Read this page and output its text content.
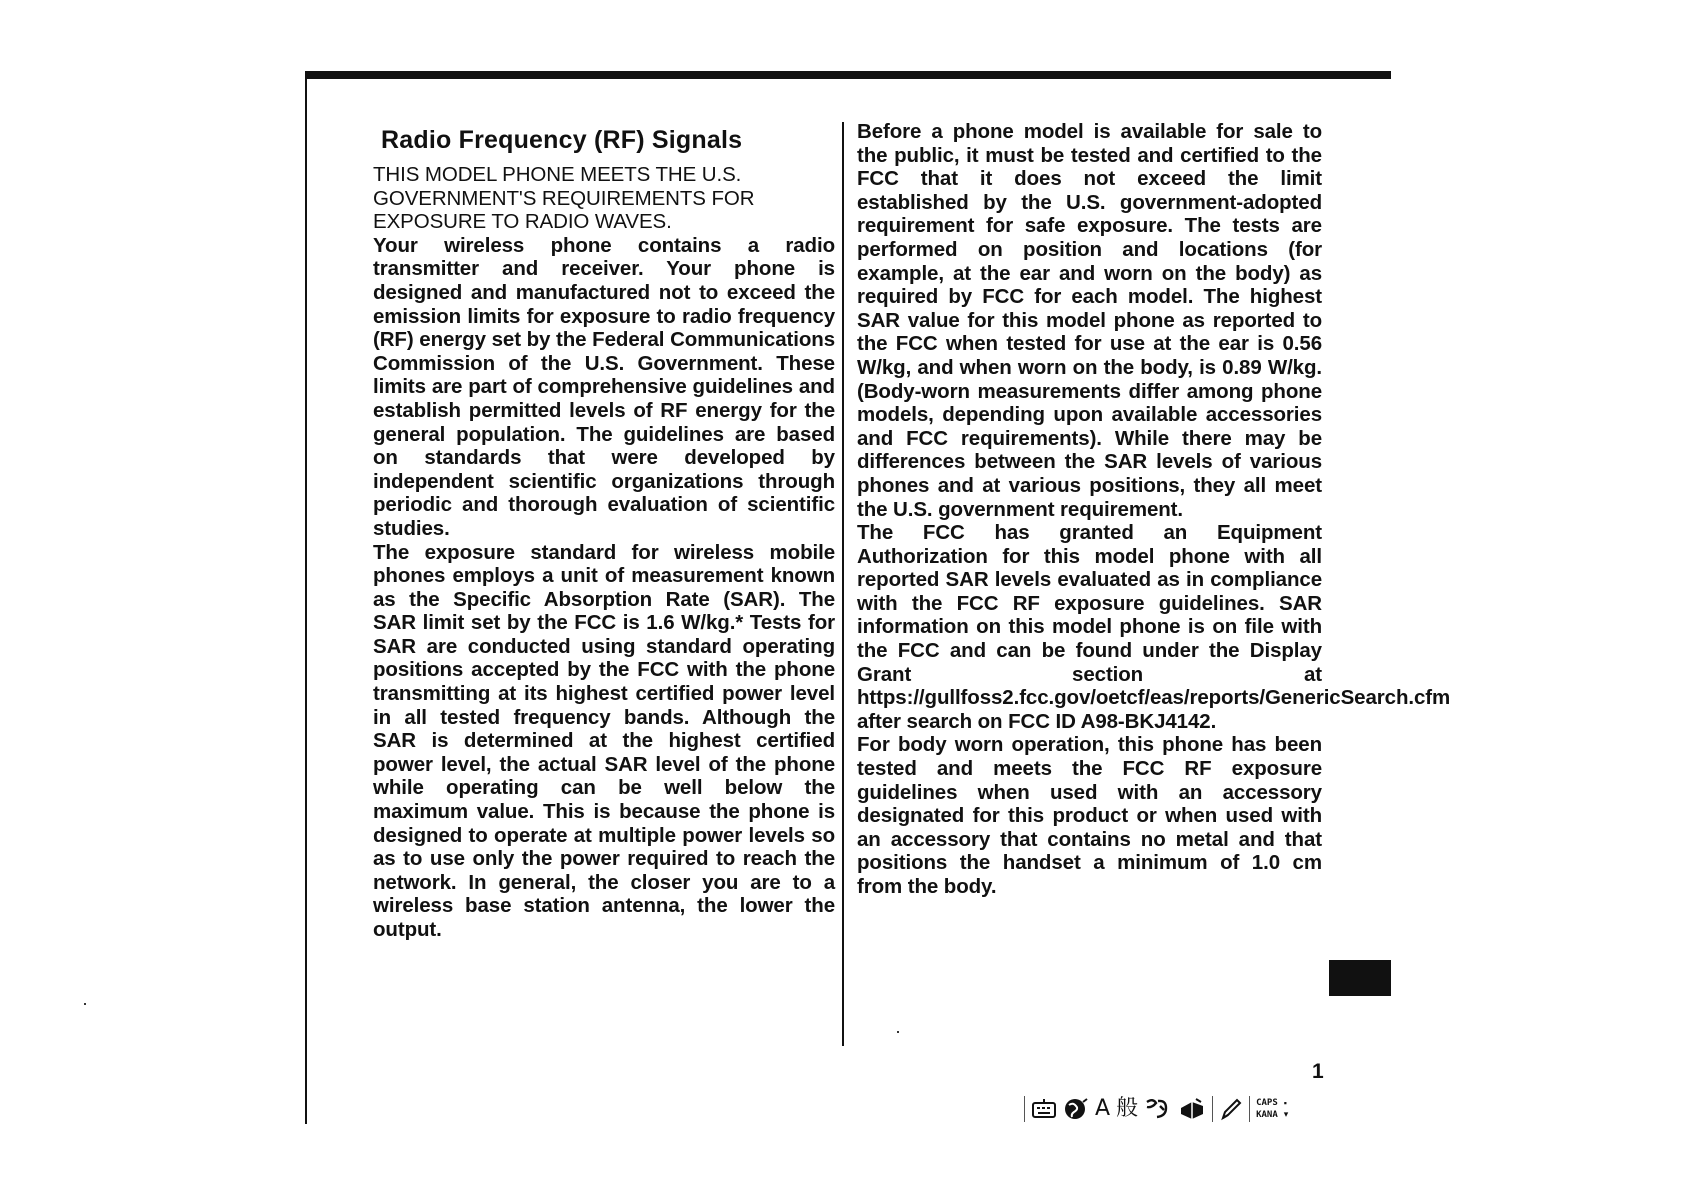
Radio Frequency (RF) Signals
THIS MODEL PHONE MEETS THE U.S.
GOVERNMENT'S REQUIREMENTS FOR
EXPOSURE TO RADIO WAVES.

Your wireless phone contains a radio transmitter and receiver. Your phone is designed and manufactured not to exceed the emission limits for exposure to radio frequency (RF) energy set by the Federal Communications Commission of the U.S. Government. These limits are part of comprehensive guidelines and establish permitted levels of RF energy for the general population. The guidelines are based on standards that were developed by independent scientific organizations through periodic and thorough evaluation of scientific studies.

The exposure standard for wireless mobile phones employs a unit of measurement known as the Specific Absorption Rate (SAR). The SAR limit set by the FCC is 1.6 W/kg.* Tests for SAR are conducted using standard operating positions accepted by the FCC with the phone transmitting at its highest certified power level in all tested frequency bands. Although the SAR is determined at the highest certified power level, the actual SAR level of the phone while operating can be well below the maximum value. This is because the phone is designed to operate at multiple power levels so as to use only the power required to reach the network. In general, the closer you are to a wireless base station antenna, the lower the output.

Before a phone model is available for sale to the public, it must be tested and certified to the FCC that it does not exceed the limit established by the U.S. government-adopted requirement for safe exposure. The tests are performed on position and locations (for example, at the ear and worn on the body) as required by FCC for each model. The highest SAR value for this model phone as reported to the FCC when tested for use at the ear is 0.56 W/kg, and when worn on the body, is 0.89 W/kg. (Body-worn measurements differ among phone models, depending upon available accessories and FCC requirements). While there may be differences between the SAR levels of various phones and at various positions, they all meet the U.S. government requirement.

The FCC has granted an Equipment Authorization for this model phone with all reported SAR levels evaluated as in compliance with the FCC RF exposure guidelines. SAR information on this model phone is on file with the FCC and can be found under the Display Grant section at https://gullfoss2.fcc.gov/oetcf/eas/reports/GenericSearch.cfm after search on FCC ID A98-BKJ4142.

For body worn operation, this phone has been tested and meets the FCC RF exposure guidelines when used with an accessory designated for this product or when used with an accessory that contains no metal and that positions the handset a minimum of 1.0 cm from the body.

1
A 般	CAPS
KANA
▪
▾
